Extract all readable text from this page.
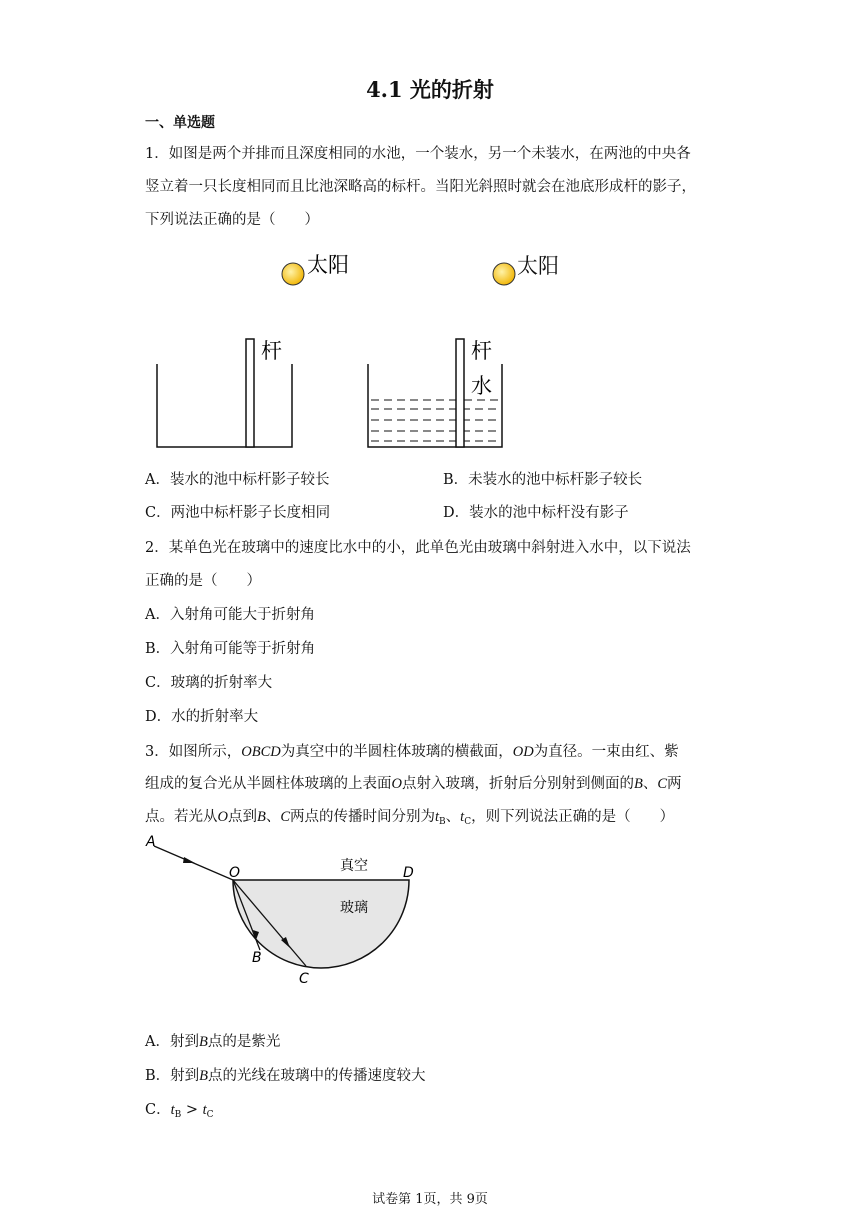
4.1 光的折射
一、单选题
1．如图是两个并排而且深度相同的水池，一个装水，另一个未装水，在两池的中央各
竖立着一只长度相同而且比池深略高的标杆。当阳光斜照时就会在池底形成杆的影子，
下列说法正确的是（　　）
太阳
杆	杆
水
太阳
A．装水的池中标杆影子较长	B．未装水的池中标杆影子较长
C．两池中标杆影子长度相同	D．装水的池中标杆没有影子
2．某单色光在玻璃中的速度比水中的小，此单色光由玻璃中斜射进入水中，以下说法
正确的是（　　）
A．入射角可能大于折射角
B．入射角可能等于折射角
C．玻璃的折射率大
D．水的折射率大
3．如图所示，OBCD为真空中的半圆柱体玻璃的横截面，OD为直径。一束由红、紫
组成的复合光从半圆柱体玻璃的上表面O点射入玻璃，折射后分别射到侧面的B、C两
点。若光从O点到B、C两点的传播时间分别为$t_B$、$t_C$，则下列说法正确的是（　　）
A
O	D
B
C
真空
玻璃
A．射到B点的是紫光
B．射到B点的光线在玻璃中的传播速度较大
C．$t_B > t_C$
试卷第 1页，共 9页
